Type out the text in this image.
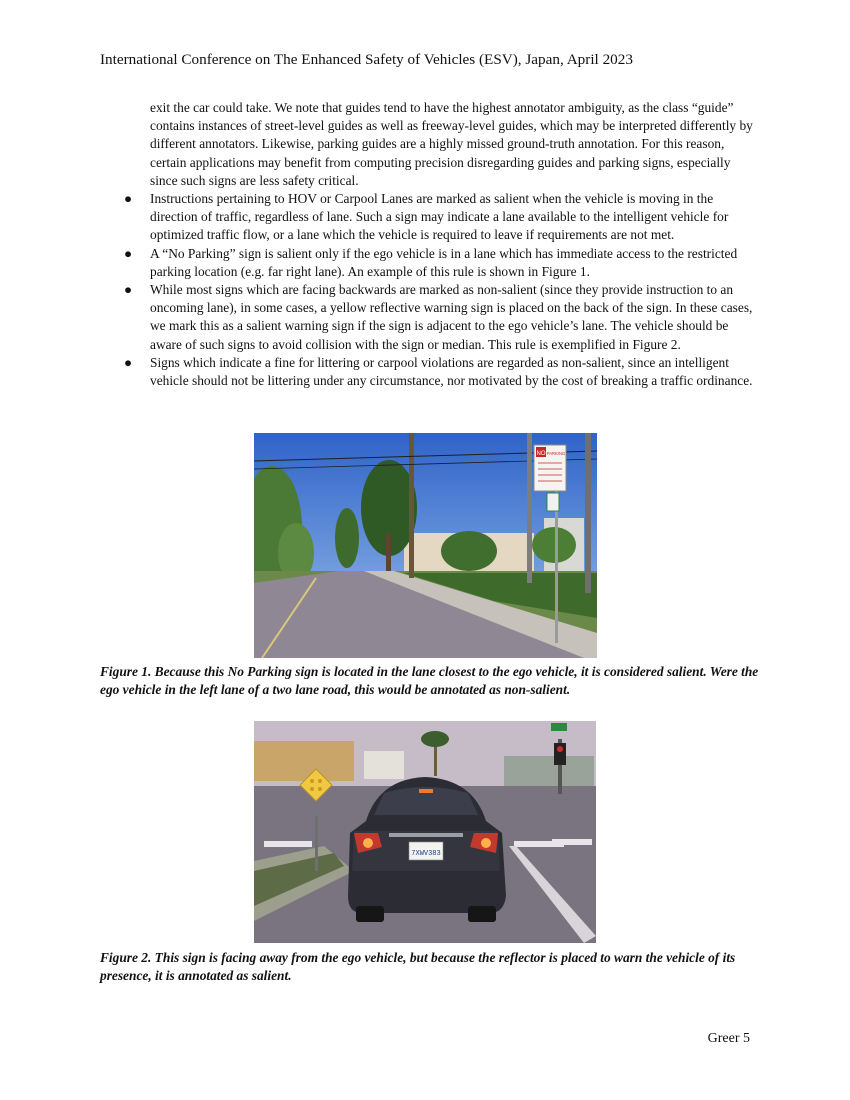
International Conference on The Enhanced Safety of Vehicles (ESV), Japan, April 2023
exit the car could take. We note that guides tend to have the highest annotator ambiguity, as the class “guide” contains instances of street-level guides as well as freeway-level guides, which may be interpreted differently by different annotators. Likewise, parking guides are a highly missed ground-truth annotation. For this reason, certain applications may benefit from computing precision disregarding guides and parking signs, especially since such signs are less safety critical.
● Instructions pertaining to HOV or Carpool Lanes are marked as salient when the vehicle is moving in the direction of traffic, regardless of lane. Such a sign may indicate a lane available to the intelligent vehicle for optimized traffic flow, or a lane which the vehicle is required to leave if requirements are not met.
● A “No Parking” sign is salient only if the ego vehicle is in a lane which has immediate access to the restricted parking location (e.g. far right lane). An example of this rule is shown in Figure 1.
● While most signs which are facing backwards are marked as non-salient (since they provide instruction to an oncoming lane), in some cases, a yellow reflective warning sign is placed on the back of the sign. In these cases, we mark this as a salient warning sign if the sign is adjacent to the ego vehicle’s lane. The vehicle should be aware of such signs to avoid collision with the sign or median. This rule is exemplified in Figure 2.
● Signs which indicate a fine for littering or carpool violations are regarded as non-salient, since an intelligent vehicle should not be littering under any circumstance, nor motivated by the cost of breaking a traffic ordinance.
NO PARKING
Figure 1. Because this No Parking sign is located in the lane closest to the ego vehicle, it is considered salient. Were the ego vehicle in the left lane of a two lane road, this would be annotated as non-salient.
7XWV383
Figure 2. This sign is facing away from the ego vehicle, but because the reflector is placed to warn the vehicle of its presence, it is annotated as salient.
Greer 5
